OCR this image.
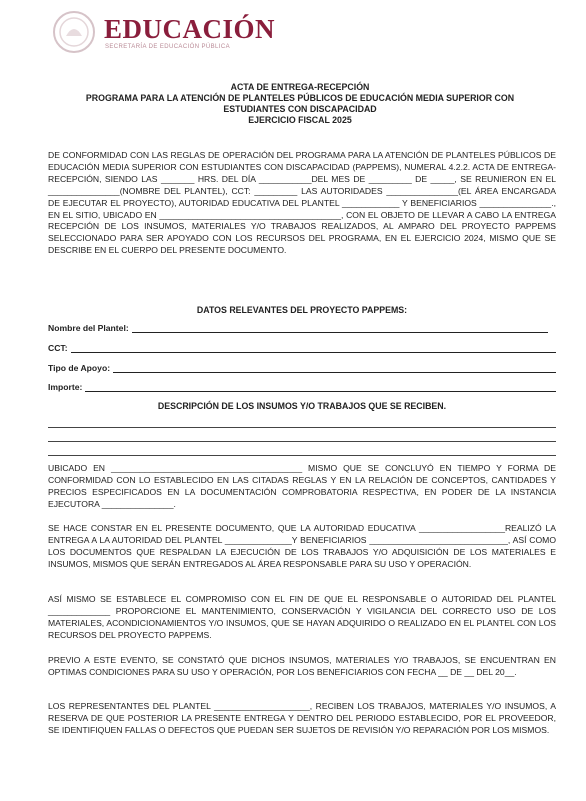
EDUCACIÓN
SECRETARÍA DE EDUCACIÓN PÚBLICA
ACTA DE ENTREGA-RECEPCIÓN
PROGRAMA PARA LA ATENCIÓN DE PLANTELES PÚBLICOS DE EDUCACIÓN MEDIA SUPERIOR CON
ESTUDIANTES CON DISCAPACIDAD
EJERCICIO FISCAL 2025
DE CONFORMIDAD CON LAS REGLAS DE OPERACIÓN DEL PROGRAMA PARA LA ATENCIÓN DE PLANTELES PÚBLICOS DE EDUCACIÓN MEDIA SUPERIOR CON ESTUDIANTES CON DISCAPACIDAD (PAPPEMS), NUMERAL 4.2.2. ACTA DE ENTREGA-RECEPCIÓN, SIENDO LAS _______ HRS. DEL DÍA ___________DEL MES DE _________ DE _____, SE REUNIERON EN EL _______________(NOMBRE DEL PLANTEL), CCT: _________ LAS AUTORIDADES _______________(EL ÁREA ENCARGADA DE EJECUTAR EL PROYECTO), AUTORIDAD EDUCATIVA DEL PLANTEL ____________ Y BENEFICIARIOS _______________., EN EL SITIO, UBICADO EN ______________________________________, CON EL OBJETO DE LLEVAR A CABO LA ENTREGA RECEPCIÓN DE LOS INSUMOS, MATERIALES Y/O TRABAJOS REALIZADOS, AL AMPARO DEL PROYECTO PAPPEMS SELECCIONADO PARA SER APOYADO CON LOS RECURSOS DEL PROGRAMA, EN EL EJERCICIO 2024, MISMO QUE SE DESCRIBE EN EL CUERPO DEL PRESENTE DOCUMENTO.
DATOS RELEVANTES DEL PROYECTO PAPPEMS:
Nombre del Plantel:
CCT:
Tipo de Apoyo:
Importe:
DESCRIPCIÓN DE LOS INSUMOS Y/O TRABAJOS QUE SE RECIBEN.
UBICADO EN ________________________________________ MISMO QUE SE CONCLUYÓ EN TIEMPO Y FORMA DE CONFORMIDAD CON LO ESTABLECIDO EN LAS CITADAS REGLAS Y EN LA RELACIÓN DE CONCEPTOS, CANTIDADES Y PRECIOS ESPECIFICADOS EN LA DOCUMENTACIÓN COMPROBATORIA RESPECTIVA, EN PODER DE LA INSTANCIA EJECUTORA _______________.
SE HACE CONSTAR EN EL PRESENTE DOCUMENTO, QUE LA AUTORIDAD EDUCATIVA __________________REALIZÓ LA ENTREGA A LA AUTORIDAD DEL PLANTEL ______________Y BENEFICIARIOS _____________________________, ASÍ COMO LOS DOCUMENTOS QUE RESPALDAN LA EJECUCIÓN DE LOS TRABAJOS Y/O ADQUISICIÓN DE LOS MATERIALES E INSUMOS, MISMOS QUE SERÁN ENTREGADOS AL ÁREA RESPONSABLE PARA SU USO Y OPERACIÓN.
ASÍ MISMO SE ESTABLECE EL COMPROMISO CON EL FIN DE QUE EL RESPONSABLE O AUTORIDAD DEL PLANTEL _____________ PROPORCIONE EL MANTENIMIENTO, CONSERVACIÓN Y VIGILANCIA DEL CORRECTO USO DE LOS MATERIALES, ACONDICIONAMIENTOS Y/O INSUMOS, QUE SE HAYAN ADQUIRIDO O REALIZADO EN EL PLANTEL CON LOS RECURSOS DEL PROYECTO PAPPEMS.
PREVIO A ESTE EVENTO, SE CONSTATÓ QUE DICHOS INSUMOS, MATERIALES Y/O TRABAJOS, SE ENCUENTRAN EN OPTIMAS CONDICIONES PARA SU USO Y OPERACIÓN, POR LOS BENEFICIARIOS CON FECHA __ DE __ DEL 20__.
LOS REPRESENTANTES DEL PLANTEL ____________________, RECIBEN LOS TRABAJOS, MATERIALES Y/O INSUMOS, A RESERVA DE QUE POSTERIOR LA PRESENTE ENTREGA Y DENTRO DEL PERIODO ESTABLECIDO, POR EL PROVEEDOR, SE IDENTIFIQUEN FALLAS O DEFECTOS QUE PUEDAN SER SUJETOS DE REVISIÓN Y/O REPARACIÓN POR LOS MISMOS.
